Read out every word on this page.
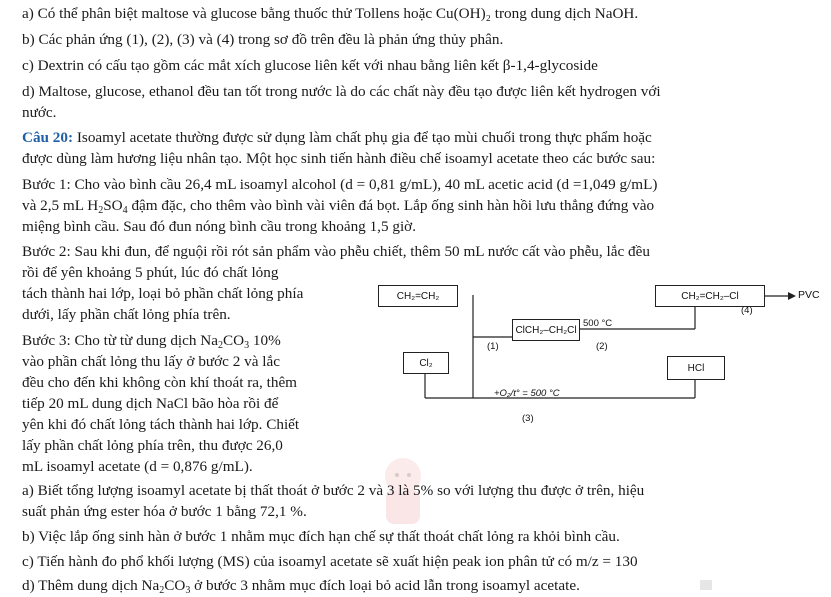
a) Có thể phân biệt maltose và glucose bằng thuốc thử Tollens hoặc Cu(OH)₂ trong dung dịch NaOH.
b) Các phản ứng (1), (2), (3) và (4) trong sơ đồ trên đều là phản ứng thủy phân.
c) Dextrin có cấu tạo gồm các mắt xích glucose liên kết với nhau bằng liên kết β-1,4-glycoside
d) Maltose, glucose, ethanol đều tan tốt trong nước là do các chất này đều tạo được liên kết hydrogen với
nước.
Câu 20: Isoamyl acetate thường được sử dụng làm chất phụ gia để tạo mùi chuối trong thực phẩm hoặc
được dùng làm hương liệu nhân tạo. Một học sinh tiến hành điều chế isoamyl acetate theo các bước sau:
Bước 1: Cho vào bình cầu 26,4 mL isoamyl alcohol (d = 0,81 g/mL), 40 mL acetic acid (d =1,049 g/mL)
và 2,5 mL $H_2SO_4$ đậm đặc, cho thêm vào bình vài viên đá bọt. Lắp ống sinh hàn hồi lưu thẳng đứng vào
miệng bình cầu. Sau đó đun nóng bình cầu trong khoảng 1,5 giờ.
Bước 2: Sau khi đun, để nguội rồi rót sản phẩm vào phễu chiết, thêm 50 mL nước cất vào phễu, lắc đều
rồi để yên khoảng 5 phút, lúc đó chất lỏng
tách thành hai lớp, loại bỏ phần chất lỏng phía
dưới, lấy phần chất lỏng phía trên.
Bước 3: Cho từ từ dung dịch $Na_2CO_3$ 10%
vào phần chất lỏng thu lấy ở bước 2 và lắc
đều cho đến khi không còn khí thoát ra, thêm
tiếp 20 mL dung dịch NaCl bão hòa rồi để
yên khi đó chất lỏng tách thành hai lớp. Chiết
lấy phần chất lỏng phía trên, thu được 26,0
mL isoamyl acetate (d = 0,876 g/mL).
CH₂=CH₂	CH₂=CH₂–Cl	PVC
(4)
ClCH₂–CH₂Cl
500 °C
(1)	(2)
Cl₂	HCl
+O₂/t° = 500 °C
(3)
a) Biết tổng lượng isoamyl acetate bị thất thoát ở bước 2 và 3 là 5% so với lượng thu được ở trên, hiệu
suất phản ứng ester hóa ở bước 1 bằng 72,1 %.
b) Việc lắp ống sinh hàn ở bước 1 nhằm mục đích hạn chế sự thất thoát chất lỏng ra khỏi bình cầu.
c) Tiến hành đo phổ khối lượng (MS) của isoamyl acetate sẽ xuất hiện peak ion phân tử có m/z = 130
d) Thêm dung dịch $Na_2CO_3$ ở bước 3 nhằm mục đích loại bỏ acid lẫn trong isoamyl acetate.
